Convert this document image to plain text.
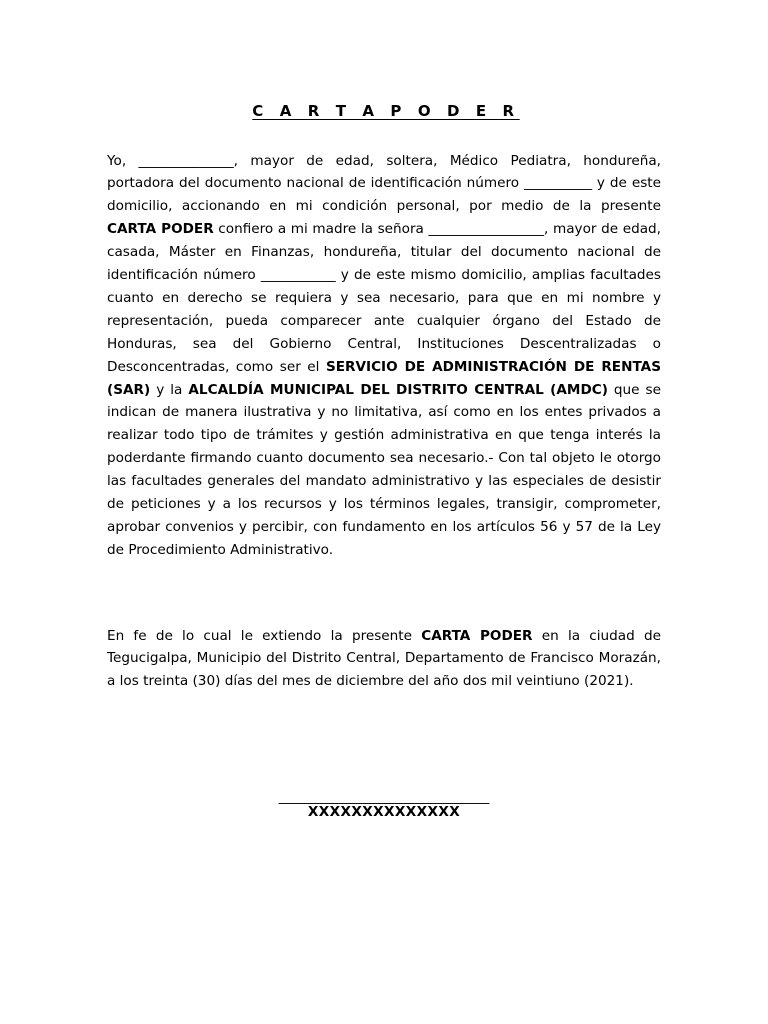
C A R T A P O D E R

Yo, ______________, mayor de edad, soltera, Médico Pediatra, hondureña, portadora del documento nacional de identificación número __________ y de este domicilio, accionando en mi condición personal, por medio de la presente CARTA PODER confiero a mi madre la señora _________________, mayor de edad, casada, Máster en Finanzas, hondureña, titular del documento nacional de identificación número ___________ y de este mismo domicilio, amplias facultades cuanto en derecho se requiera y sea necesario, para que en mi nombre y representación, pueda comparecer ante cualquier órgano del Estado de Honduras, sea del Gobierno Central, Instituciones Descentralizadas o Desconcentradas, como ser el SERVICIO DE ADMINISTRACIÓN DE RENTAS (SAR) y la ALCALDÍA MUNICIPAL DEL DISTRITO CENTRAL (AMDC) que se indican de manera ilustrativa y no limitativa, así como en los entes privados a realizar todo tipo de trámites y gestión administrativa en que tenga interés la poderdante firmando cuanto documento sea necesario.- Con tal objeto le otorgo las facultades generales del mandato administrativo y las especiales de desistir de peticiones y a los recursos y los términos legales, transigir, comprometer, aprobar convenios y percibir, con fundamento en los artículos 56 y 57 de la Ley de Procedimiento Administrativo.

En fe de lo cual le extiendo la presente CARTA PODER en la ciudad de Tegucigalpa, Municipio del Distrito Central, Departamento de Francisco Morazán, a los treinta (30) días del mes de diciembre del año dos mil veintiuno (2021).

_______________________________

XXXXXXXXXXXXXX
